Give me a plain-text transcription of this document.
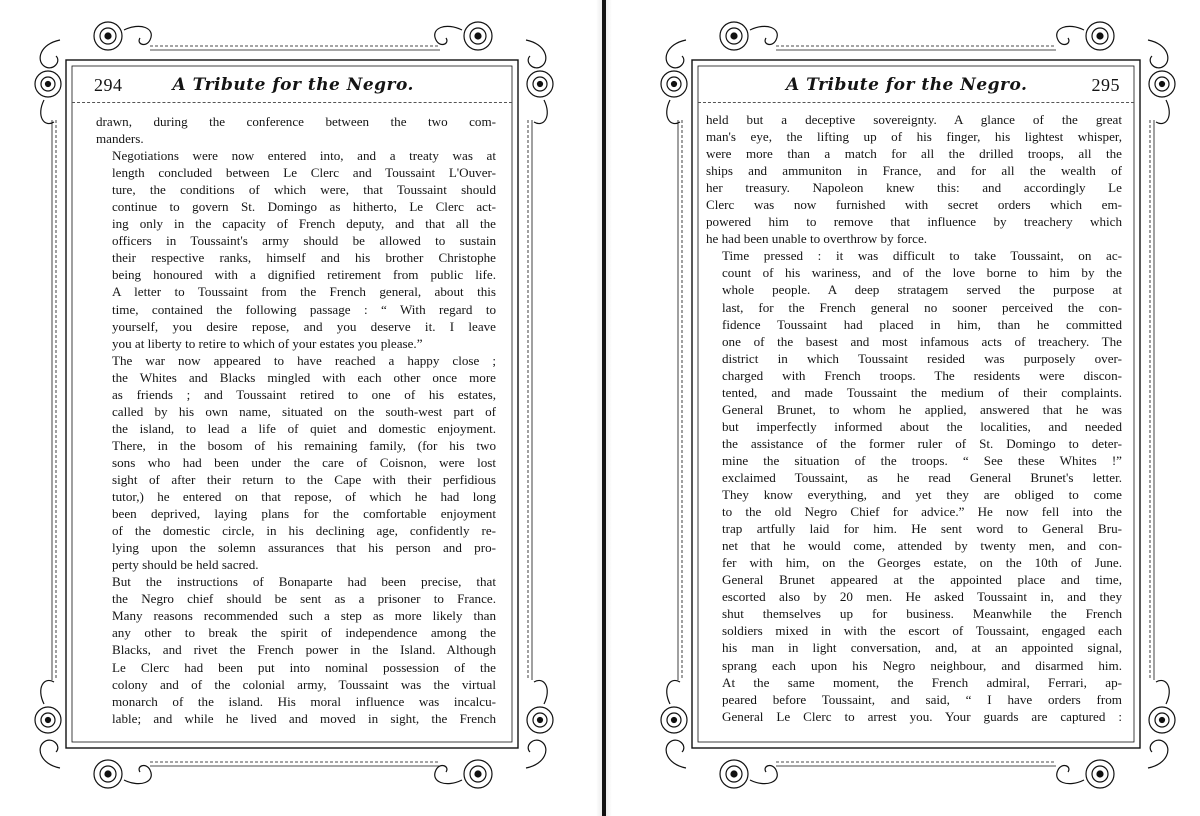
294	A Tribute for the Negro.

drawn, during the conference between the two com-
manders.

Negotiations were now entered into, and a treaty was at
length concluded between Le Clerc and Toussaint L'Ouver-
ture, the conditions of which were, that Toussaint should
continue to govern St. Domingo as hitherto, Le Clerc act-
ing only in the capacity of French deputy, and that all the
officers in Toussaint's army should be allowed to sustain
their respective ranks, himself and his brother Christophe
being honoured with a dignified retirement from public life.
A letter to Toussaint from the French general, about this
time, contained the following passage : “ With regard to
yourself, you desire repose, and you deserve it. I leave
you at liberty to retire to which of your estates you please.”

The war now appeared to have reached a happy close ;
the Whites and Blacks mingled with each other once more
as friends ; and Toussaint retired to one of his estates,
called by his own name, situated on the south-west part of
the island, to lead a life of quiet and domestic enjoyment.
There, in the bosom of his remaining family, (for his two
sons who had been under the care of Coisnon, were lost
sight of after their return to the Cape with their perfidious
tutor,) he entered on that repose, of which he had long
been deprived, laying plans for the comfortable enjoyment
of the domestic circle, in his declining age, confidently re-
lying upon the solemn assurances that his person and pro-
perty should be held sacred.

But the instructions of Bonaparte had been precise, that
the Negro chief should be sent as a prisoner to France.
Many reasons recommended such a step as more likely than
any other to break the spirit of independence among the
Blacks, and rivet the French power in the Island. Although
Le Clerc had been put into nominal possession of the
colony and of the colonial army, Toussaint was the virtual
monarch of the island. His moral influence was incalcu-
lable; and while he lived and moved in sight, the French

A Tribute for the Negro.	295

held but a deceptive sovereignty. A glance of the great
man's eye, the lifting up of his finger, his lightest whisper,
were more than a match for all the drilled troops, all the
ships and ammuniton in France, and for all the wealth of
her treasury. Napoleon knew this: and accordingly Le
Clerc was now furnished with secret orders which em-
powered him to remove that influence by treachery which
he had been unable to overthrow by force.

Time pressed : it was difficult to take Toussaint, on ac-
count of his wariness, and of the love borne to him by the
whole people. A deep stratagem served the purpose at
last, for the French general no sooner perceived the con-
fidence Toussaint had placed in him, than he committed
one of the basest and most infamous acts of treachery. The
district in which Toussaint resided was purposely over-
charged with French troops. The residents were discon-
tented, and made Toussaint the medium of their complaints.
General Brunet, to whom he applied, answered that he was
but imperfectly informed about the localities, and needed
the assistance of the former ruler of St. Domingo to deter-
mine the situation of the troops. “ See these Whites !”
exclaimed Toussaint, as he read General Brunet's letter.
They know everything, and yet they are obliged to come
to the old Negro Chief for advice.” He now fell into the
trap artfully laid for him. He sent word to General Bru-
net that he would come, attended by twenty men, and con-
fer with him, on the Georges estate, on the 10th of June.
General Brunet appeared at the appointed place and time,
escorted also by 20 men. He asked Toussaint in, and they
shut themselves up for business. Meanwhile the French
soldiers mixed in with the escort of Toussaint, engaged each
his man in light conversation, and, at an appointed signal,
sprang each upon his Negro neighbour, and disarmed him.
At the same moment, the French admiral, Ferrari, ap-
peared before Toussaint, and said, “ I have orders from
General Le Clerc to arrest you. Your guards are captured :
